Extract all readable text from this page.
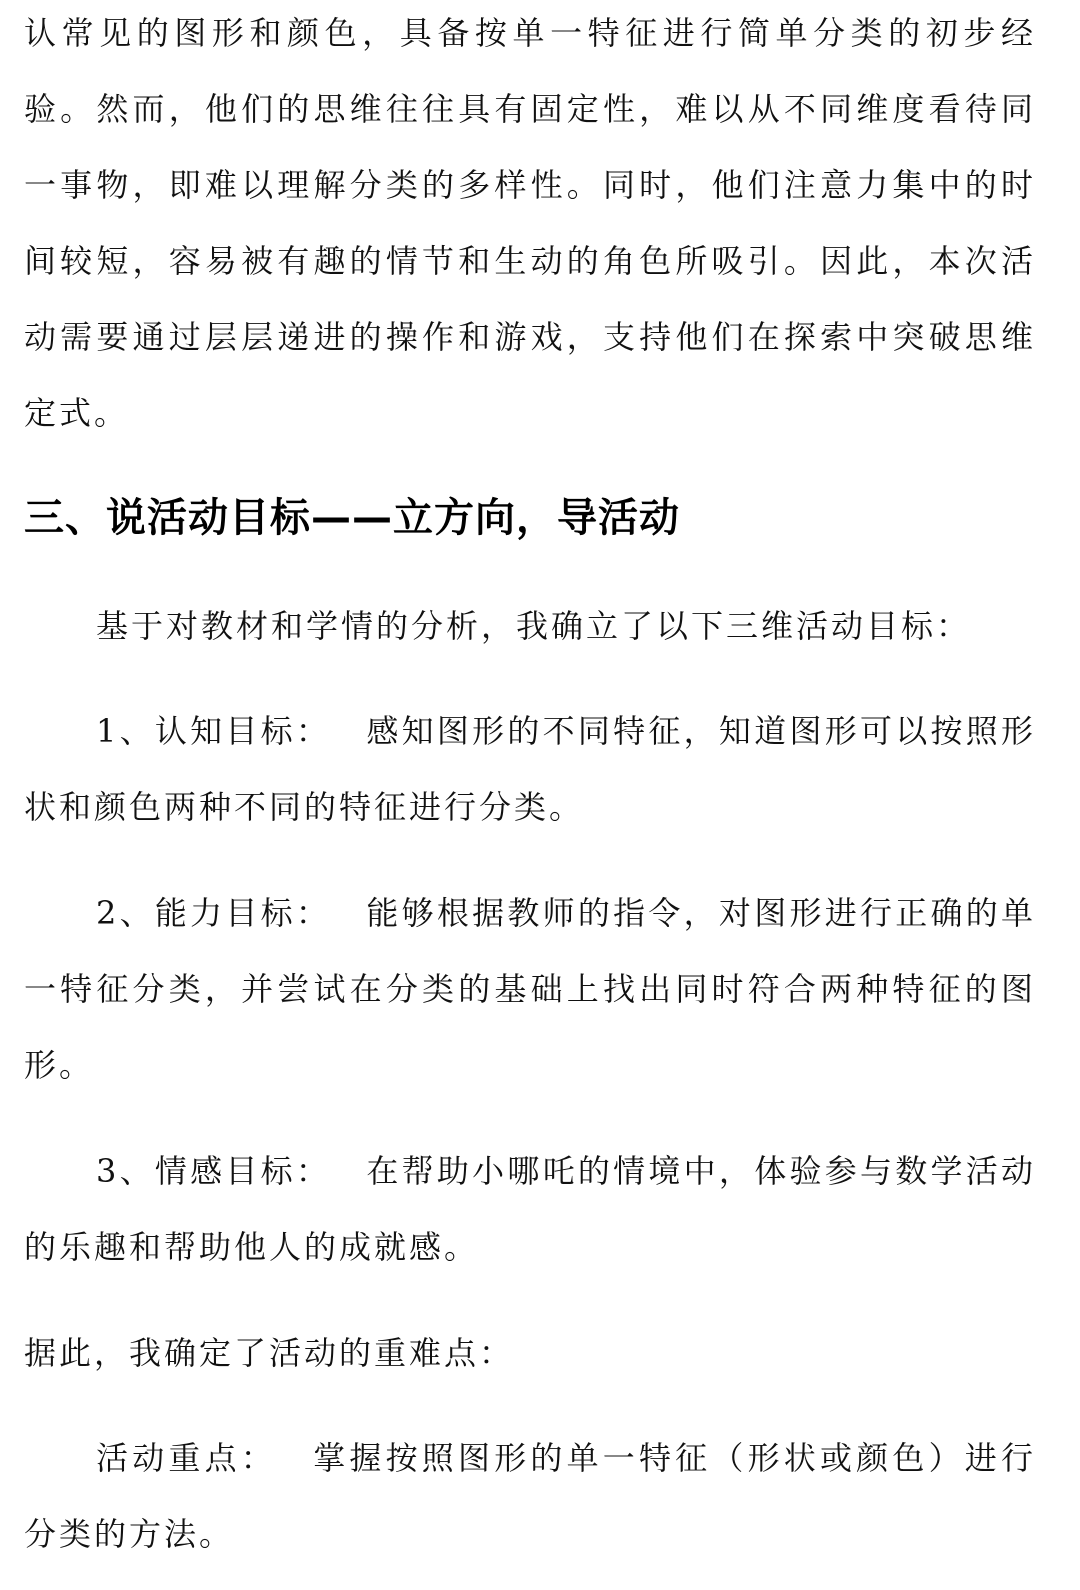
认常见的图形和颜色，具备按单一特征进行简单分类的初步经验。然而，他们的思维往往具有固定性，难以从不同维度看待同一事物，即难以理解分类的多样性。同时，他们注意力集中的时间较短，容易被有趣的情节和生动的角色所吸引。因此，本次活动需要通过层层递进的操作和游戏，支持他们在探索中突破思维定式。

三、说活动目标——立方向，导活动

基于对教材和学情的分析，我确立了以下三维活动目标：

1、认知目标：  感知图形的不同特征，知道图形可以按照形状和颜色两种不同的特征进行分类。

2、能力目标：  能够根据教师的指令，对图形进行正确的单一特征分类，并尝试在分类的基础上找出同时符合两种特征的图形。

3、情感目标：  在帮助小哪吒的情境中，体验参与数学活动的乐趣和帮助他人的成就感。

据此，我确定了活动的重难点：

活动重点：  掌握按照图形的单一特征（形状或颜色）进行分类的方法。
